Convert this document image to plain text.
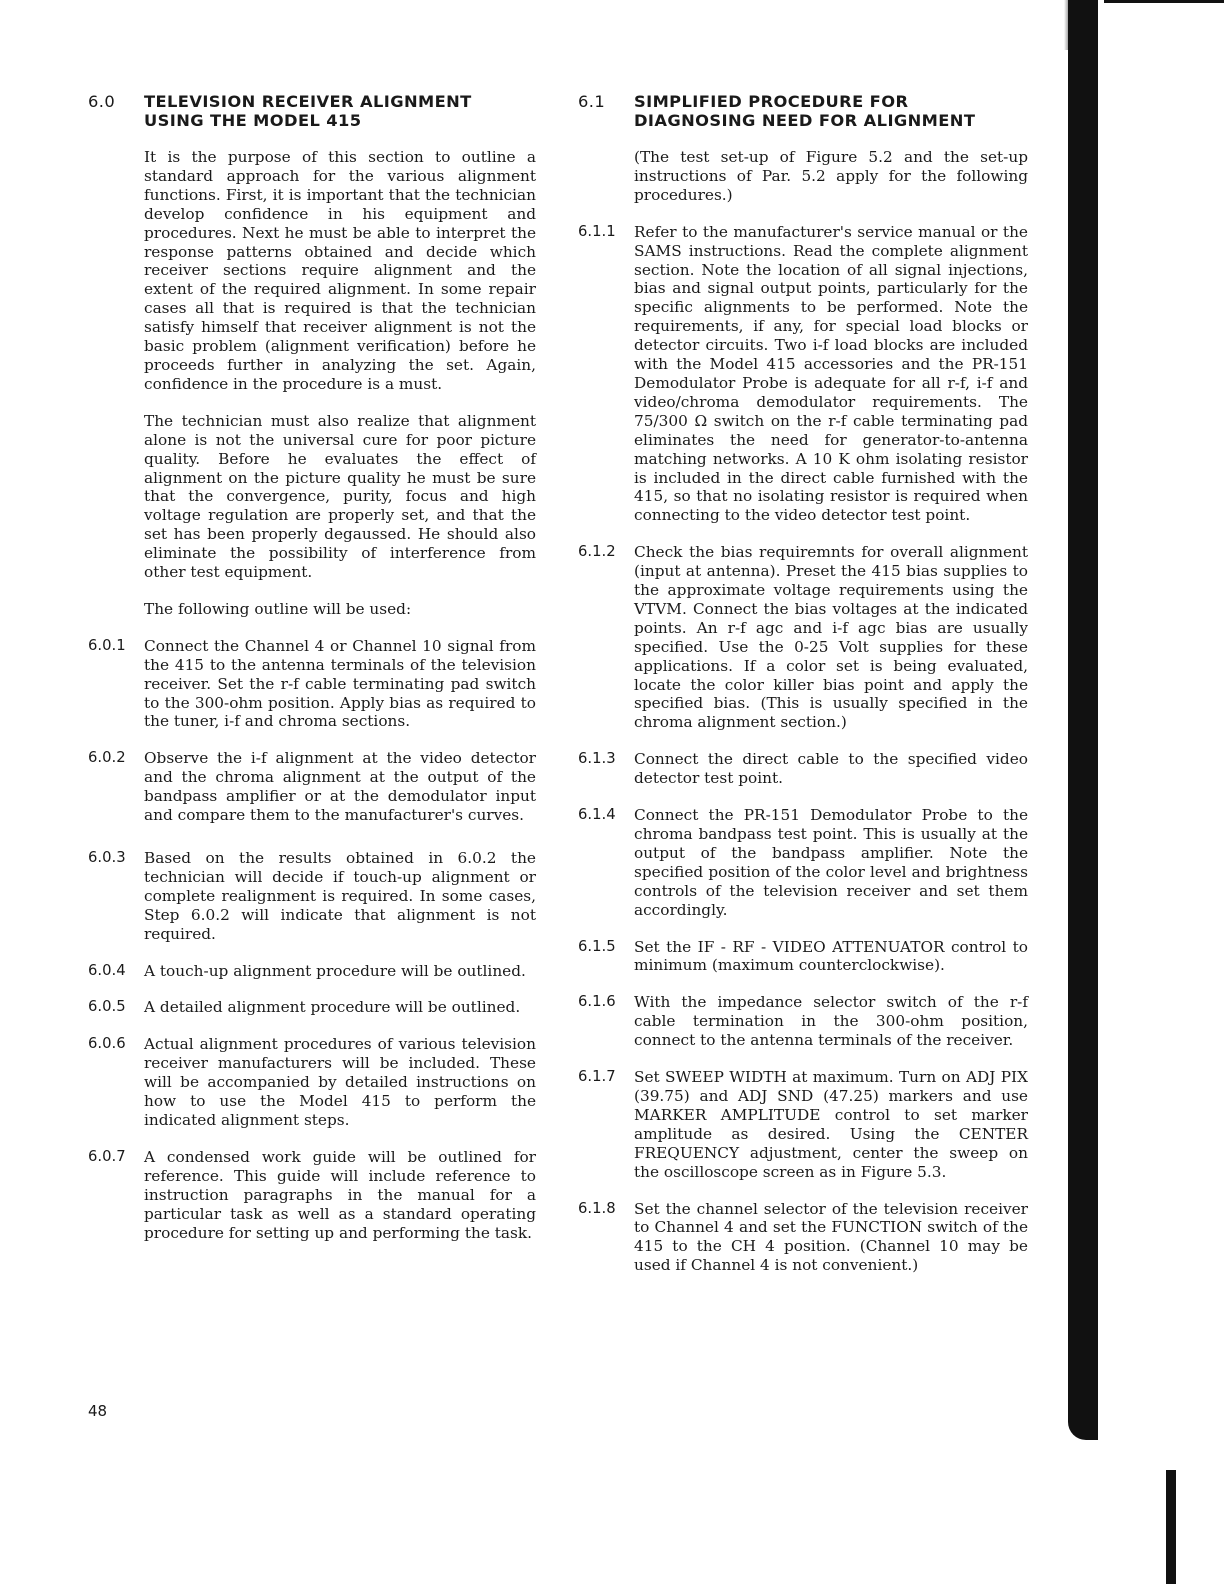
6.0	TELEVISION RECEIVER ALIGNMENT USING THE MODEL 415

It is the purpose of this section to outline a standard approach for the various alignment functions. First, it is important that the technician develop confidence in his equipment and procedures. Next he must be able to interpret the response patterns obtained and decide which receiver sections require alignment and the extent of the required alignment. In some repair cases all that is required is that the technician satisfy himself that receiver alignment is not the basic problem (alignment verification) before he proceeds further in analyzing the set. Again, confidence in the procedure is a must.

The technician must also realize that alignment alone is not the universal cure for poor picture quality. Before he evaluates the effect of alignment on the picture quality he must be sure that the convergence, purity, focus and high voltage regulation are properly set, and that the set has been properly degaussed. He should also eliminate the possibility of interference from other test equipment.

The following outline will be used:

6.0.1	Connect the Channel 4 or Channel 10 signal from the 415 to the antenna terminals of the television receiver. Set the r-f cable terminating pad switch to the 300-ohm position. Apply bias as required to the tuner, i-f and chroma sections.
6.0.2	Observe the i-f alignment at the video detector and the chroma alignment at the output of the bandpass amplifier or at the demodulator input and compare them to the manufacturer's curves.
6.0.3	Based on the results obtained in 6.0.2 the technician will decide if touch-up alignment or complete realignment is required. In some cases, Step 6.0.2 will indicate that alignment is not required.
6.0.4	A touch-up alignment procedure will be outlined.
6.0.5	A detailed alignment procedure will be outlined.
6.0.6	Actual alignment procedures of various television receiver manufacturers will be included. These will be accompanied by detailed instructions on how to use the Model 415 to perform the indicated alignment steps.
6.0.7	A condensed work guide will be outlined for reference. This guide will include reference to instruction paragraphs in the manual for a particular task as well as a standard operating procedure for setting up and performing the task.
6.1	SIMPLIFIED PROCEDURE FOR DIAGNOSING NEED FOR ALIGNMENT
(The test set-up of Figure 5.2 and the set-up instructions of Par. 5.2 apply for the following procedures.)
6.1.1	Refer to the manufacturer's service manual or the SAMS instructions. Read the complete alignment section. Note the location of all signal injections, bias and signal output points, particularly for the specific alignments to be performed. Note the requirements, if any, for special load blocks or detector circuits. Two i-f load blocks are included with the Model 415 accessories and the PR-151 Demodulator Probe is adequate for all r-f, i-f and video/chroma demodulator requirements. The 75/300 Ω switch on the r-f cable terminating pad eliminates the need for generator-to-antenna matching networks. A 10 K ohm isolating resistor is included in the direct cable furnished with the 415, so that no isolating resistor is required when connecting to the video detector test point.
6.1.2	Check the bias requiremnts for overall alignment (input at antenna). Preset the 415 bias supplies to the approximate voltage requirements using the VTVM. Connect the bias voltages at the indicated points. An r-f agc and i-f agc bias are usually specified. Use the 0-25 Volt supplies for these applications. If a color set is being evaluated, locate the color killer bias point and apply the specified bias. (This is usually specified in the chroma alignment section.)
6.1.3	Connect the direct cable to the specified video detector test point.
6.1.4	Connect the PR-151 Demodulator Probe to the chroma bandpass test point. This is usually at the output of the bandpass amplifier. Note the specified position of the color level and brightness controls of the television receiver and set them accordingly.
6.1.5	Set the IF - RF - VIDEO ATTENUATOR control to minimum (maximum counterclockwise).
6.1.6	With the impedance selector switch of the r-f cable termination in the 300-ohm position, connect to the antenna terminals of the receiver.
6.1.7	Set SWEEP WIDTH at maximum. Turn on ADJ PIX (39.75) and ADJ SND (47.25) markers and use MARKER AMPLITUDE control to set marker amplitude as desired. Using the CENTER FREQUENCY adjustment, center the sweep on the oscilloscope screen as in Figure 5.3.
6.1.8	Set the channel selector of the television receiver to Channel 4 and set the FUNCTION switch of the 415 to the CH 4 position. (Channel 10 may be used if Channel 4 is not convenient.)
48
